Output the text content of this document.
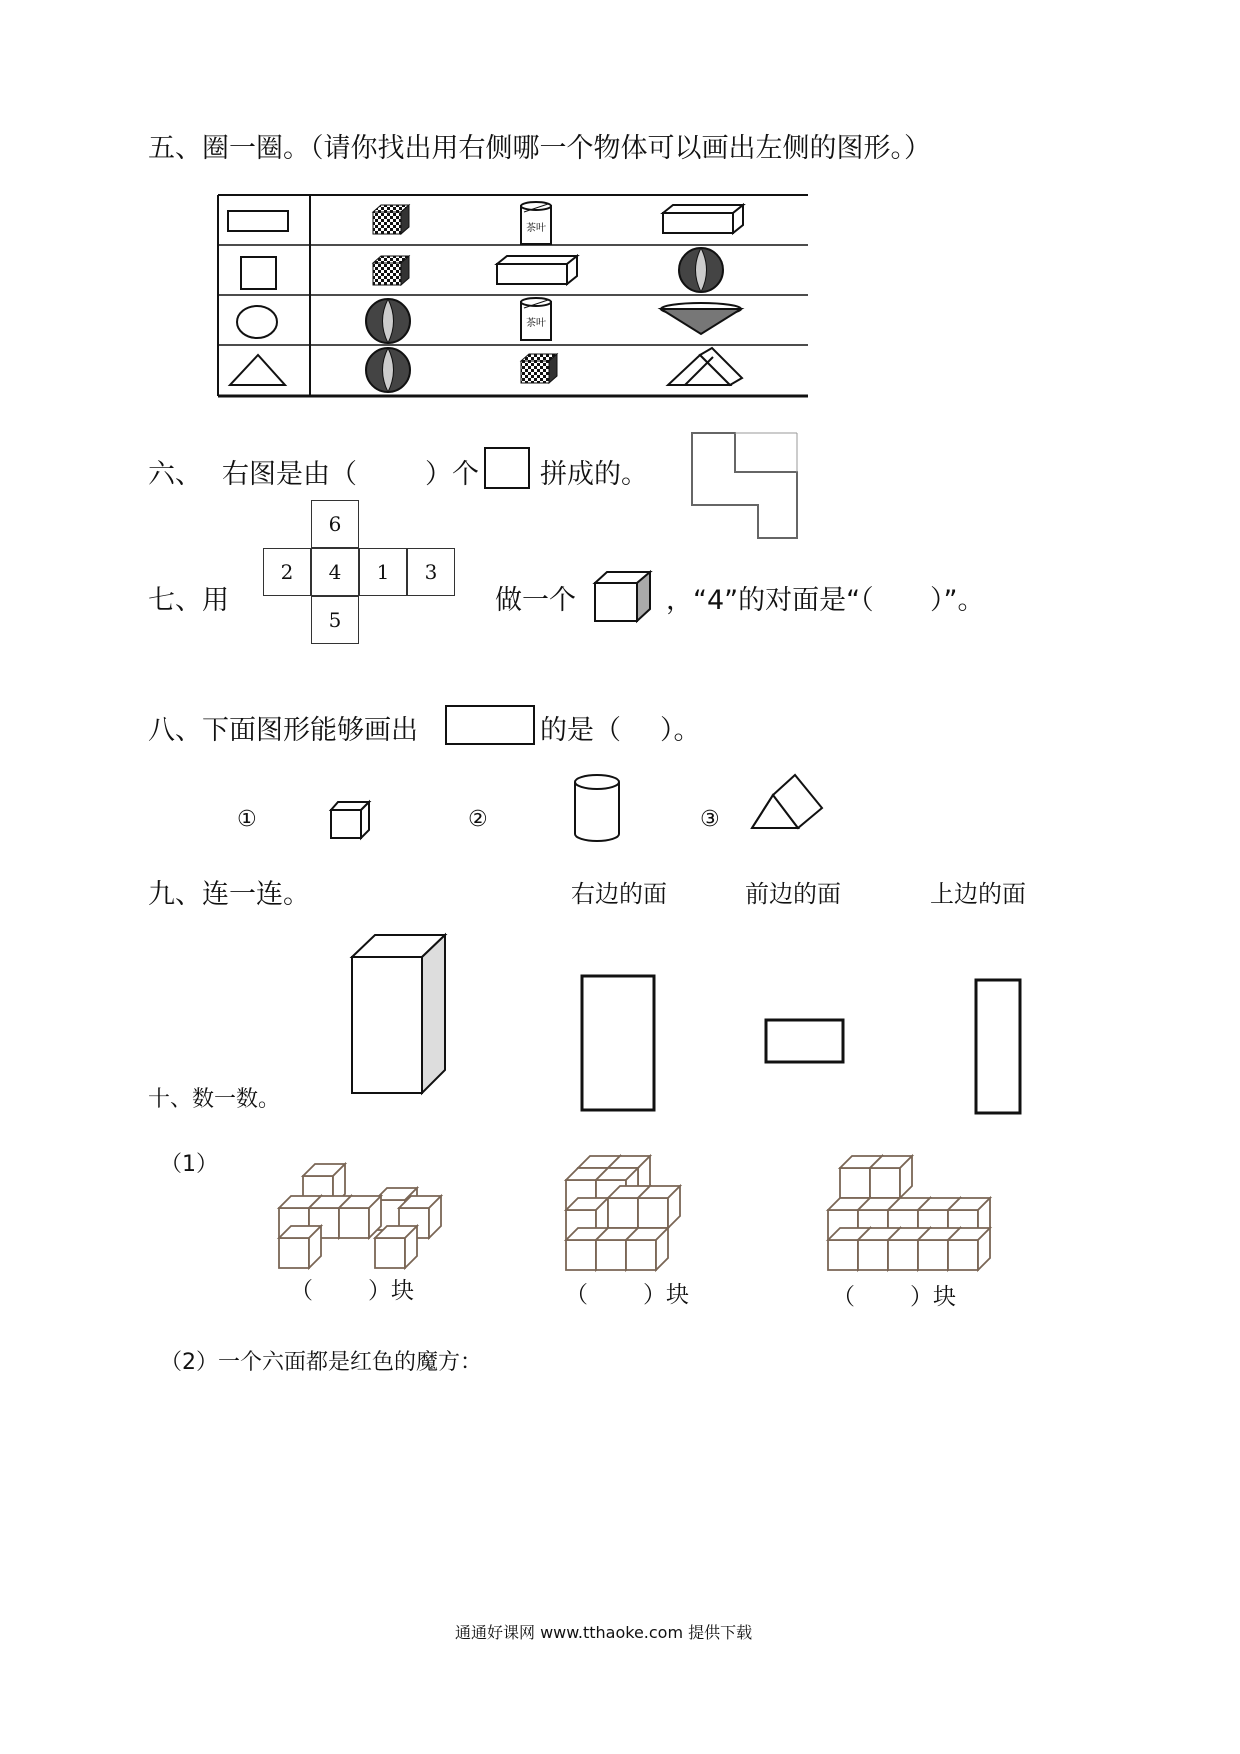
五、圈一圈。（请你找出用右侧哪一个物体可以画出左侧的图形。）
茶叶
茶叶
六、 右图是由（	）个 拼成的。
七、用
6
2	4	1	3
5
做一个	，“4”的对面是“（ ）”。
八、下面图形能够画出	的是（ ）。
①	②	③
九、连一连。	右边的面	前边的面	上边的面
十、数一数。
（1）
（ ）块	（ ）块	（ ）块
（2）一个六面都是红色的魔方：
通通好课网 www.tthaoke.com 提供下载
